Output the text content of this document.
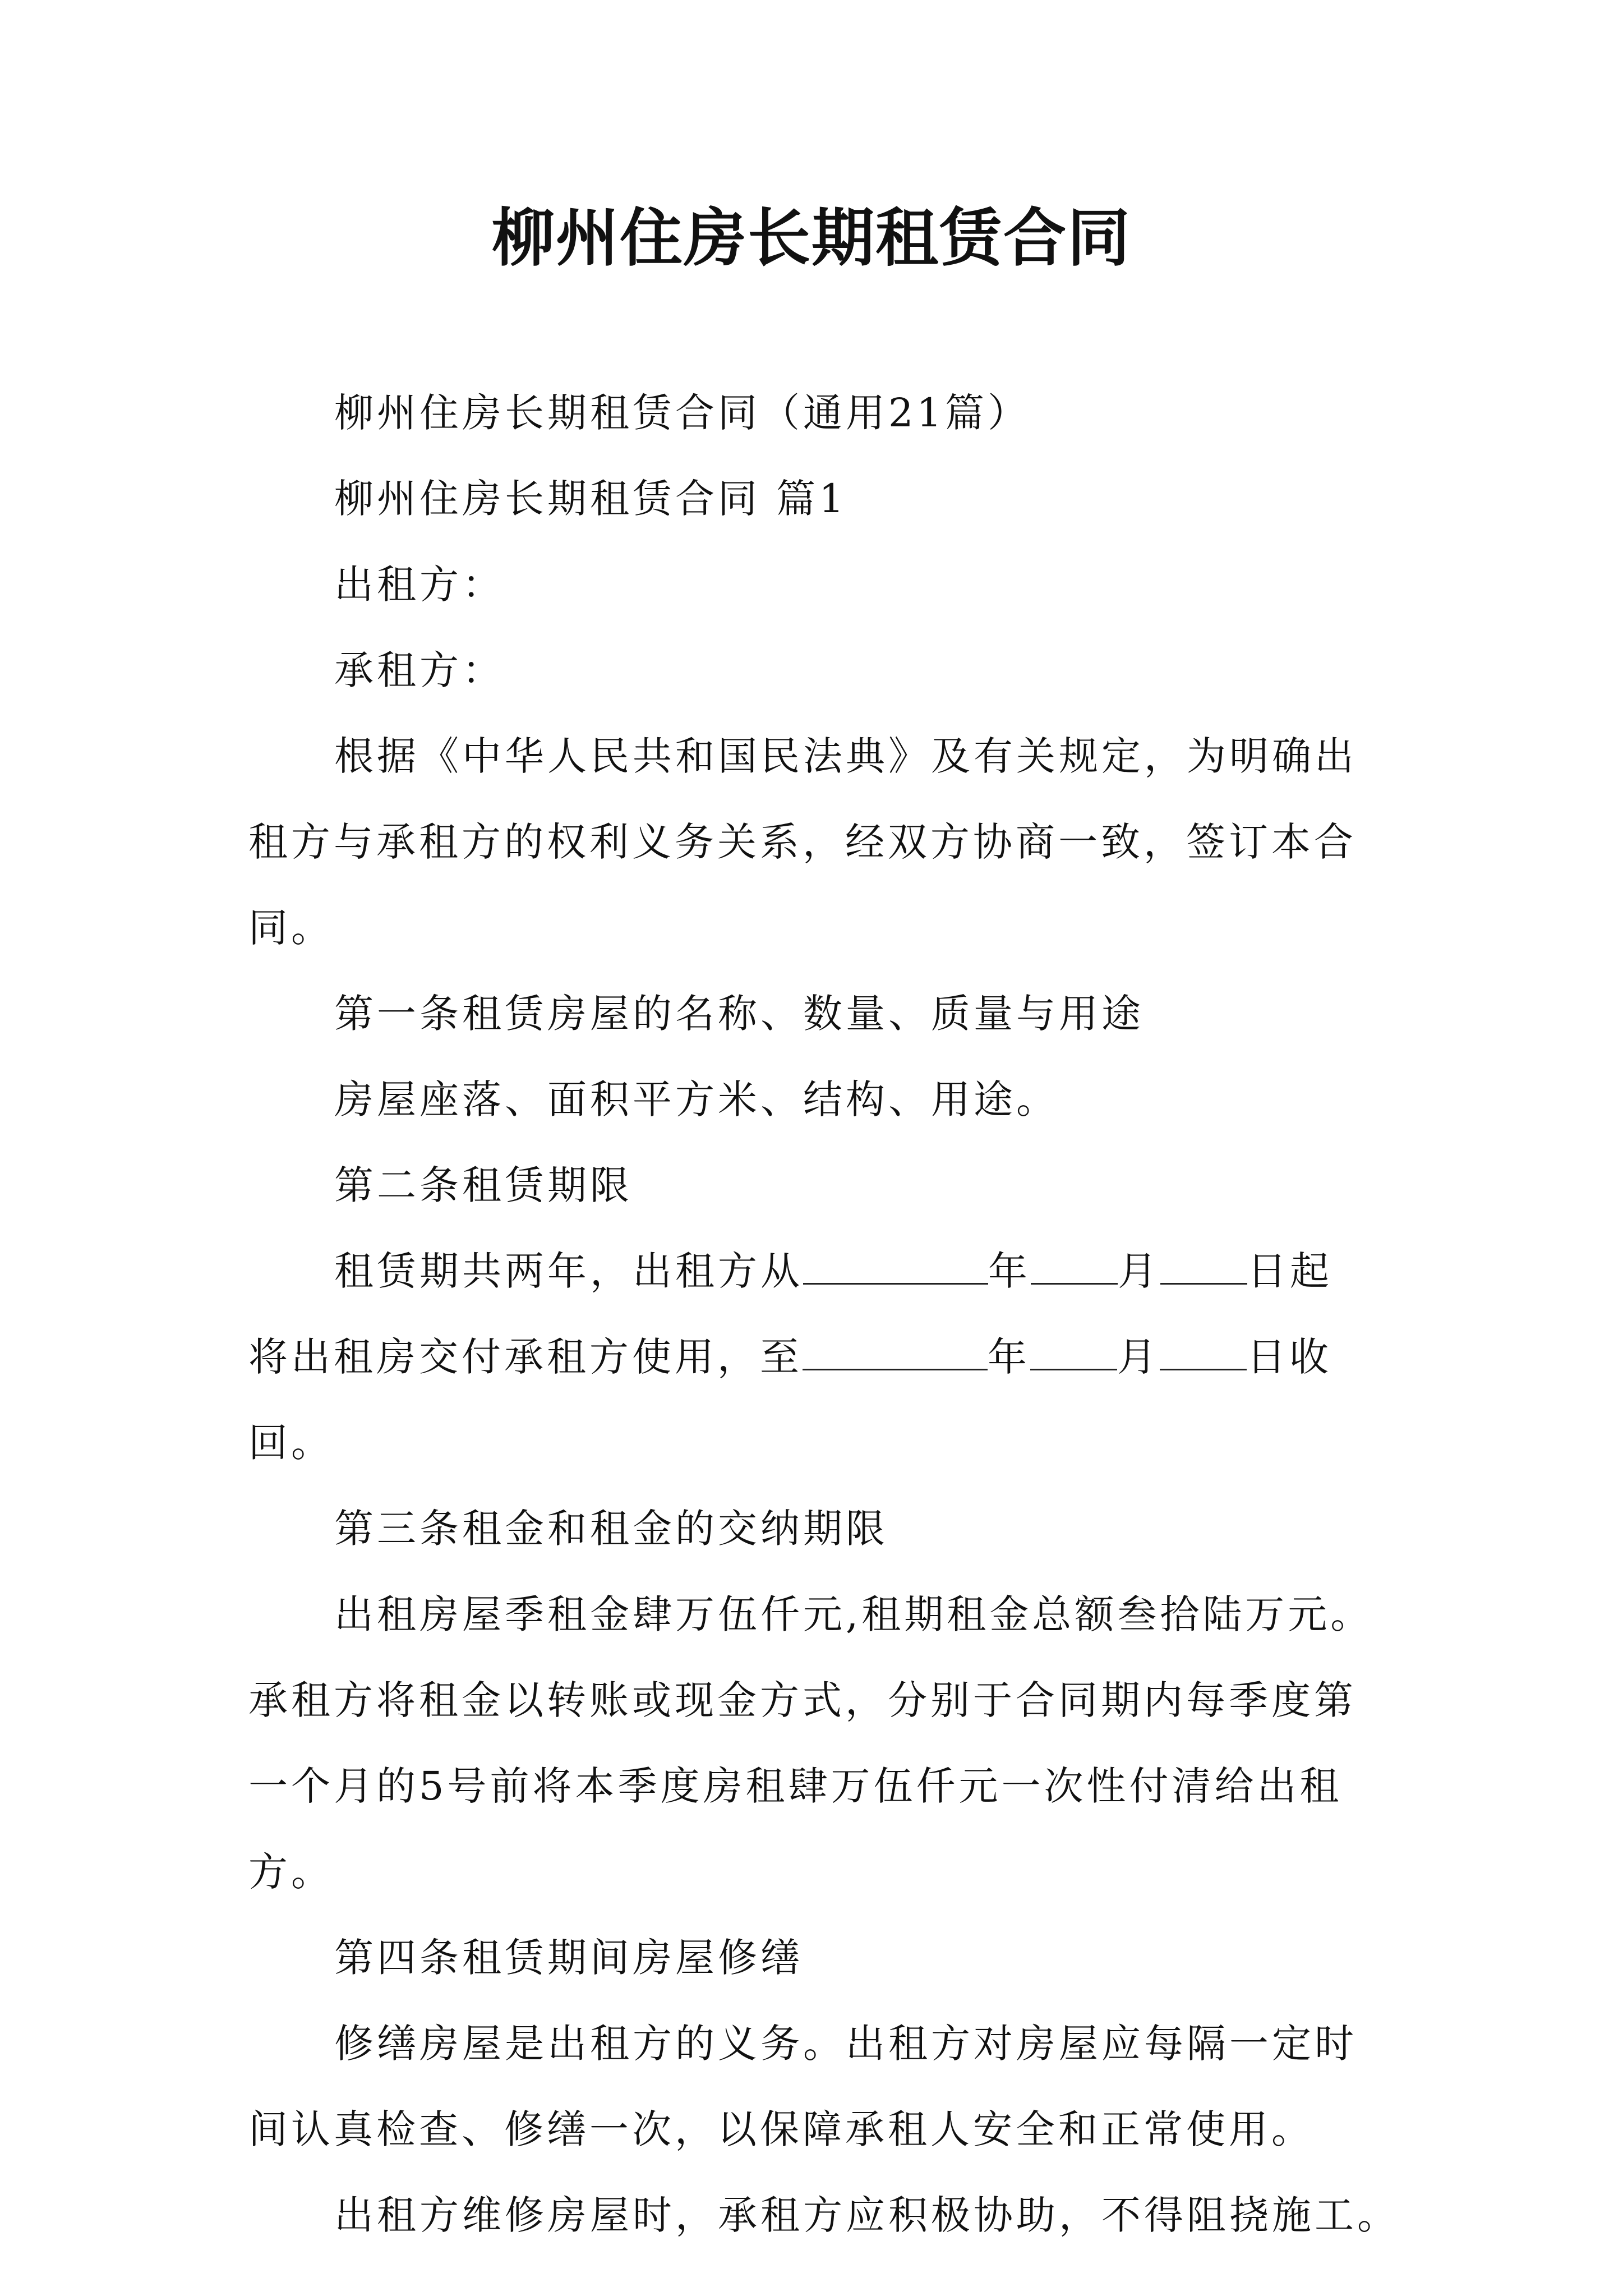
柳州住房长期租赁合同
柳州住房长期租赁合同（通用21篇）
柳州住房长期租赁合同 篇1
出租方：
承租方：
根据《中华人民共和国民法典》及有关规定，为明确出
租方与承租方的权利义务关系，经双方协商一致，签订本合
同。
第一条租赁房屋的名称、数量、质量与用途
房屋座落、面积平方米、结构、用途。
第二条租赁期限
租赁期共两年，出租方从	年 月 日起
将出租房交付承租方使用，至	年 月 日收
回。
第三条租金和租金的交纳期限
出租房屋季租金肆万伍仟元,租期租金总额叁拾陆万元。
承租方将租金以转账或现金方式，分别于合同期内每季度第
一个月的5号前将本季度房租肆万伍仟元一次性付清给出租
方。
第四条租赁期间房屋修缮
修缮房屋是出租方的义务。出租方对房屋应每隔一定时
间认真检查、修缮一次，以保障承租人安全和正常使用。
出租方维修房屋时，承租方应积极协助，不得阻挠施工。
